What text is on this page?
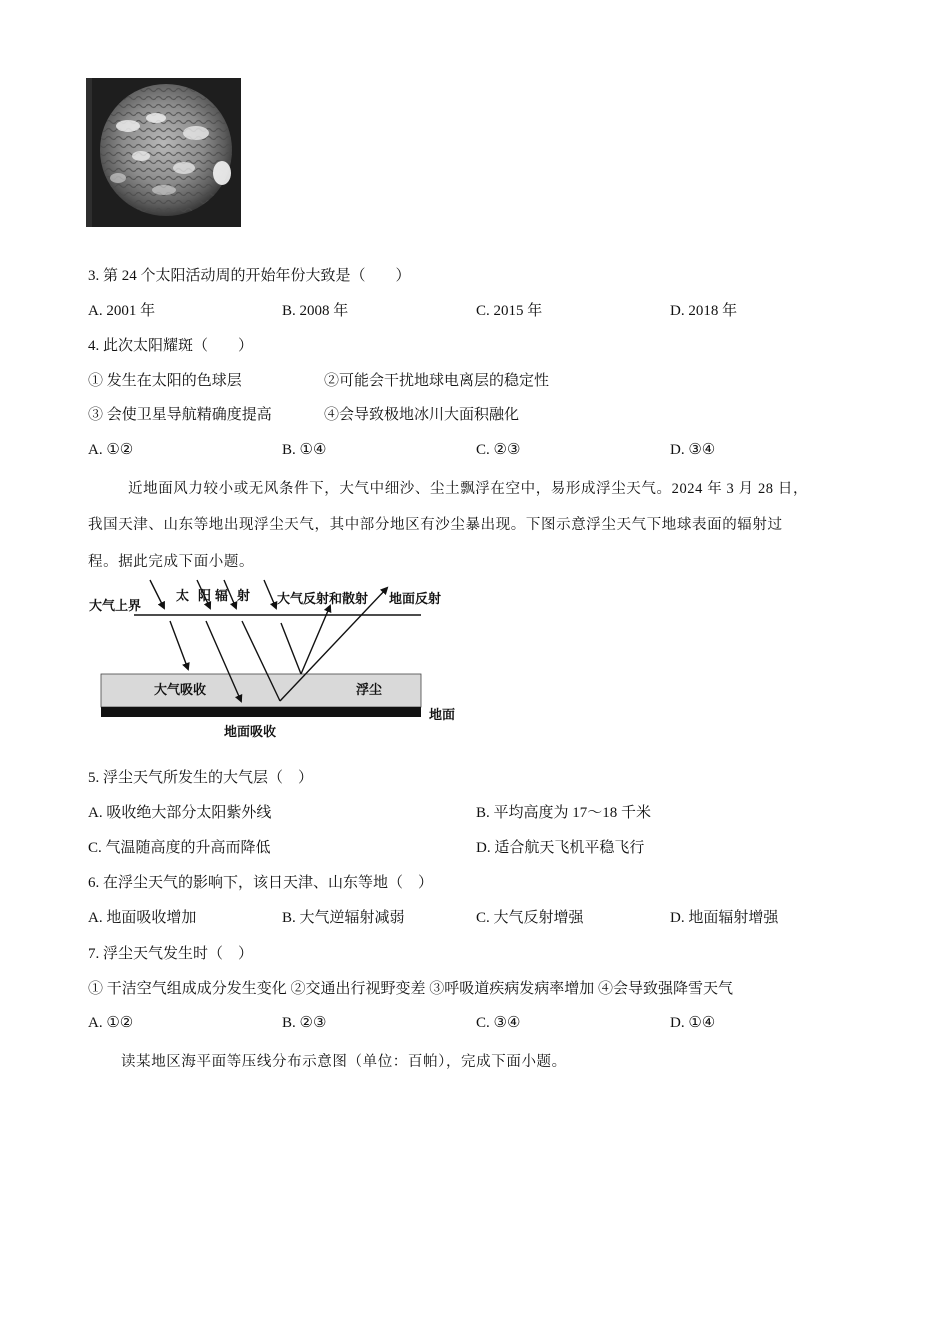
3. 第 24 个太阳活动周的开始年份大致是（　　）
A. 2001 年	B. 2008 年	C. 2015 年	D. 2018 年
4. 此次太阳耀斑（　　）
① 发生在太阳的色球层	②可能会干扰地球电离层的稳定性
③ 会使卫星导航精确度提高	④会导致极地冰川大面积融化
A. ①②	B. ①④	C. ②③	D. ③④
近地面风力较小或无风条件下，大气中细沙、尘土飘浮在空中，易形成浮尘天气。2024 年 3 月 28 日，
我国天津、山东等地出现浮尘天气，其中部分地区有沙尘暴出现。下图示意浮尘天气下地球表面的辐射过
程。据此完成下面小题。
大气上界
太 阳 辐 射 大气反射和散射 地面反射
大气吸收	浮尘
地面
地面吸收
5. 浮尘天气所发生的大气层（　）
A. 吸收绝大部分太阳紫外线	B. 平均高度为 17～18 千米
C. 气温随高度的升高而降低	D. 适合航天飞机平稳飞行
6. 在浮尘天气的影响下，该日天津、山东等地（　）
A. 地面吸收增加	B. 大气逆辐射减弱	C. 大气反射增强	D. 地面辐射增强
7. 浮尘天气发生时（　）
① 干洁空气组成成分发生变化 ②交通出行视野变差 ③呼吸道疾病发病率增加 ④会导致强降雪天气
A. ①②	B. ②③	C. ③④	D. ①④
读某地区海平面等压线分布示意图（单位：百帕），完成下面小题。
